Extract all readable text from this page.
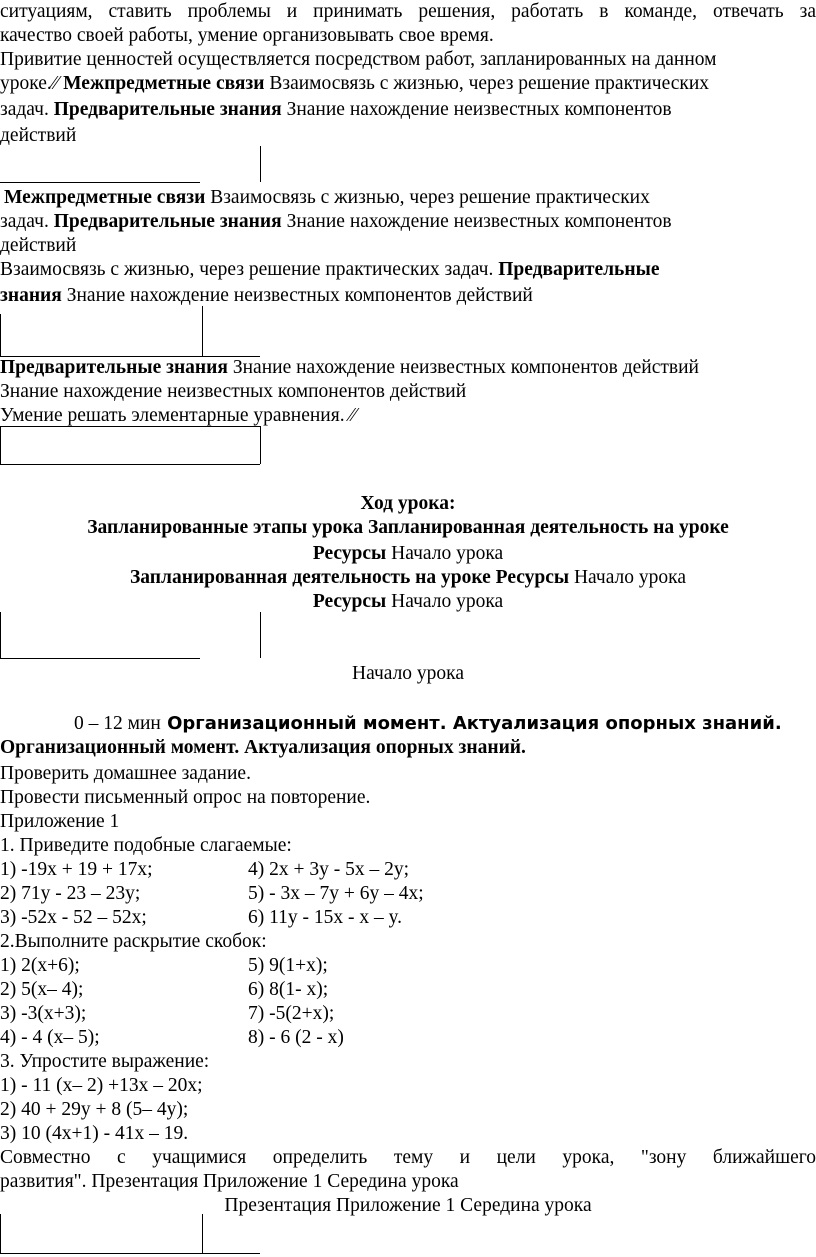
ситуациям, ставить проблемы и принимать решения, работать в команде, отвечать за
качество своей работы, умение организовывать свое время.
Привитие ценностей осуществляется посредством работ, запланированных на данном
уроке.⁄⁄ Межпредметные связи Взаимосвязь с жизнью, через решение практических
задач. Предварительные знания Знание нахождение неизвестных компонентов
действий
Межпредметные связи Взаимосвязь с жизнью, через решение практических
задач. Предварительные знания Знание нахождение неизвестных компонентов
действий
Взаимосвязь с жизнью, через решение практических задач. Предварительные
знания Знание нахождение неизвестных компонентов действий
Предварительные знания Знание нахождение неизвестных компонентов действий
Знание нахождение неизвестных компонентов действий
Умение решать элементарные уравнения. ⁄⁄
Ход урока:
Запланированные этапы урока Запланированная деятельность на уроке
Ресурсы Начало урока
Запланированная деятельность на уроке Ресурсы Начало урока
Ресурсы Начало урока
Начало урока
0 – 12 мин Организационный момент. Актуализация опорных знаний.
Организационный момент. Актуализация опорных знаний.
Проверить домашнее задание.
Провести письменный опрос на повторение.
Приложение 1
1. Приведите подобные слагаемые:
1) -19x + 19 + 17x;	4) 2x + 3y - 5x – 2y;
2) 71y - 23 – 23y;	5) - 3x – 7y + 6y – 4x;
3) -52x - 52 – 52x;	6) 11y - 15x - x – y.
2.Выполните раскрытие скобок:
1) 2(x+6);	5) 9(1+x);
2) 5(x– 4);	6) 8(1- x);
3) -3(x+3);	7) -5(2+x);
4) - 4 (x– 5);	8) - 6 (2 - x)
3. Упростите выражение:
1) - 11 (x– 2) +13x – 20x;
2) 40 + 29y + 8 (5– 4y);
3) 10 (4x+1) - 41x – 19.
Совместно с учащимися определить тему и цели урока, "зону ближайшего
развития". Презентация Приложение 1 Середина урока
Презентация Приложение 1 Середина урока
